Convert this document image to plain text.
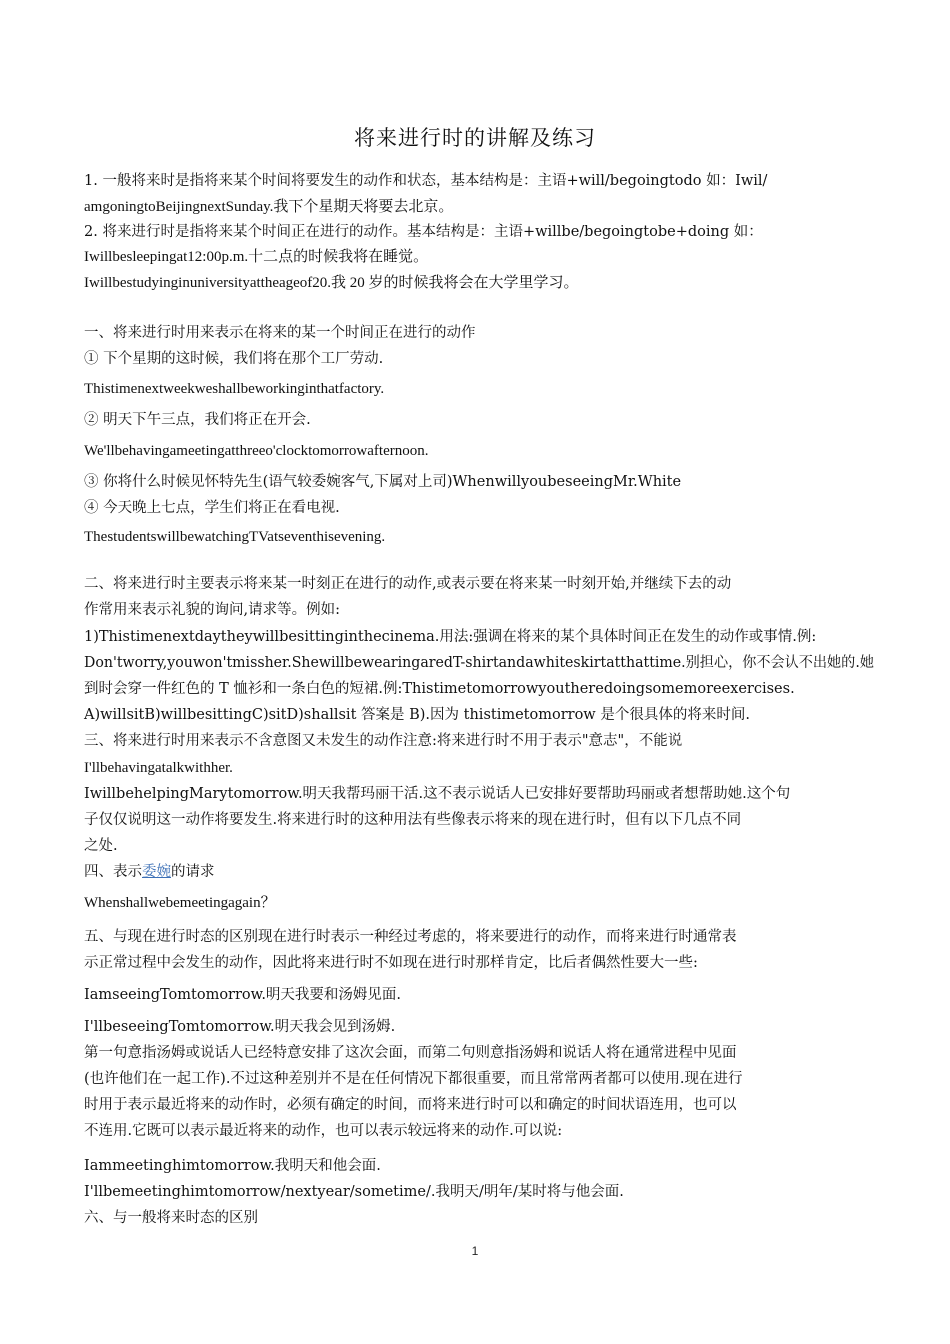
将来进行时的讲解及练习
1. 一般将来时是指将来某个时间将要发生的动作和状态，基本结构是：主语+will/begoingtodo 如：Iwil/
amgoningtoBeijingnextSunday.我下个星期天将要去北京。
2. 将来进行时是指将来某个时间正在进行的动作。基本结构是：主语+willbe/begoingtobe+doing 如：
Iwillbesleepingat12:00p.m.十二点的时候我将在睡觉。
Iwillbestudyinginuniversityattheageof20.我 20 岁的时候我将会在大学里学习。
一、将来进行时用来表示在将来的某一个时间正在进行的动作
① 下个星期的这时候，我们将在那个工厂劳动.
Thistimenextweekweshallbeworkinginthatfactory.
② 明天下午三点，我们将正在开会.
We'llbehavingameetingatthreeo'clocktomorrowafternoon.
③ 你将什么时候见怀特先生(语气较委婉客气,下属对上司)WhenwillyoubeseeingMr.White
④ 今天晚上七点，学生们将正在看电视.
ThestudentswillbewatchingTVatseventhisevening.
二、将来进行时主要表示将来某一时刻正在进行的动作,或表示要在将来某一时刻开始,并继续下去的动
作常用来表示礼貌的询问,请求等。例如:
1)Thistimenextdaytheywillbesittinginthecinema.用法:强调在将来的某个具体时间正在发生的动作或事情.例:
Don'tworry,youwon'tmissher.ShewillbewearingaredT-shirtandawhiteskirtatthattime.别担心，你不会认不出她的.她
到时会穿一件红色的 T 恤衫和一条白色的短裙.例:Thistimetomorrowyoutheredoingsomemoreexercises.
A)willsitB)willbesittingC)sitD)shallsit 答案是 B).因为 thistimetomorrow 是个很具体的将来时间.
三、将来进行时用来表示不含意图又未发生的动作注意:将来进行时不用于表示"意志"，不能说
I'llbehavingatalkwithher.
IwillbehelpingMarytomorrow.明天我帮玛丽干活.这不表示说话人已安排好要帮助玛丽或者想帮助她.这个句
子仅仅说明这一动作将要发生.将来进行时的这种用法有些像表示将来的现在进行时，但有以下几点不同
之处.
四、表示委婉的请求
Whenshallwebemeetingagain？
五、与现在进行时态的区别现在进行时表示一种经过考虑的，将来要进行的动作，而将来进行时通常表
示正常过程中会发生的动作，因此将来进行时不如现在进行时那样肯定，比后者偶然性要大一些:
IamseeingTomtomorrow.明天我要和汤姆见面.
I'llbeseeingTomtomorrow.明天我会见到汤姆.
第一句意指汤姆或说话人已经特意安排了这次会面，而第二句则意指汤姆和说话人将在通常进程中见面
(也许他们在一起工作).不过这种差别并不是在任何情况下都很重要，而且常常两者都可以使用.现在进行
时用于表示最近将来的动作时，必须有确定的时间，而将来进行时可以和确定的时间状语连用，也可以
不连用.它既可以表示最近将来的动作，也可以表示较远将来的动作.可以说:
Iammeetinghimtomorrow.我明天和他会面.
I'llbemeetinghimtomorrow/nextyear/sometime/.我明天/明年/某时将与他会面.
六、与一般将来时态的区别
1
